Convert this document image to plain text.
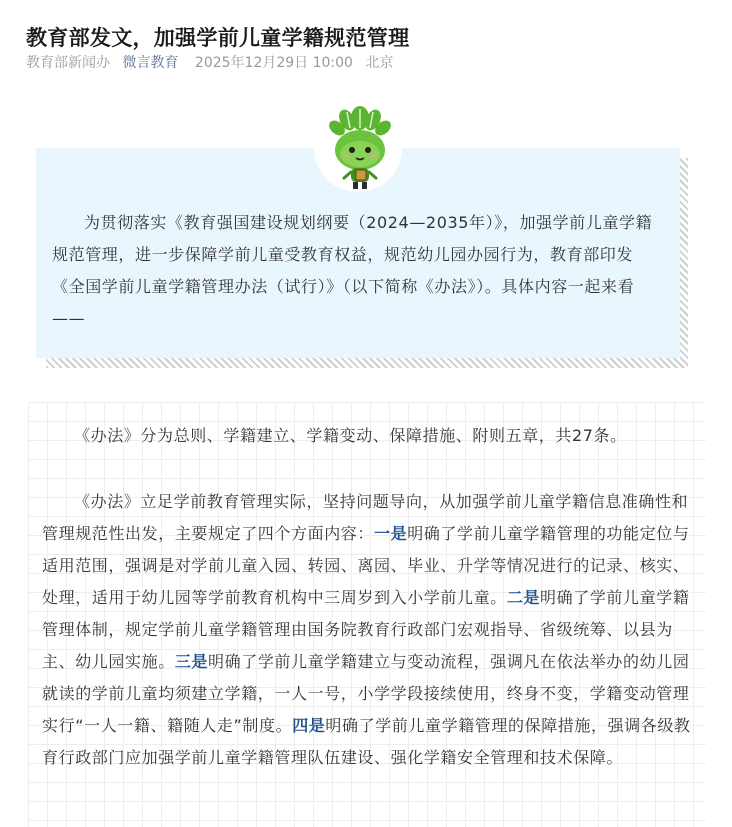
教育部发文，加强学前儿童学籍规范管理
教育部新闻办 微言教育 2025年12月29日 10:00 北京

为贯彻落实《教育强国建设规划纲要（2024—2035年）》，加强学前儿童学籍规范管理，进一步保障学前儿童受教育权益，规范幼儿园办园行为，教育部印发《全国学前儿童学籍管理办法（试行）》（以下简称《办法》）。具体内容一起来看——

《办法》分为总则、学籍建立、学籍变动、保障措施、附则五章，共27条。

《办法》立足学前教育管理实际，坚持问题导向，从加强学前儿童学籍信息准确性和管理规范性出发，主要规定了四个方面内容：一是明确了学前儿童学籍管理的功能定位与适用范围，强调是对学前儿童入园、转园、离园、毕业、升学等情况进行的记录、核实、处理，适用于幼儿园等学前教育机构中三周岁到入小学前儿童。二是明确了学前儿童学籍管理体制，规定学前儿童学籍管理由国务院教育行政部门宏观指导、省级统筹、以县为主、幼儿园实施。三是明确了学前儿童学籍建立与变动流程，强调凡在依法举办的幼儿园就读的学前儿童均须建立学籍，一人一号，小学学段接续使用，终身不变，学籍变动管理实行“一人一籍、籍随人走”制度。四是明确了学前儿童学籍管理的保障措施，强调各级教育行政部门应加强学前儿童学籍管理队伍建设、强化学籍安全管理和技术保障。
